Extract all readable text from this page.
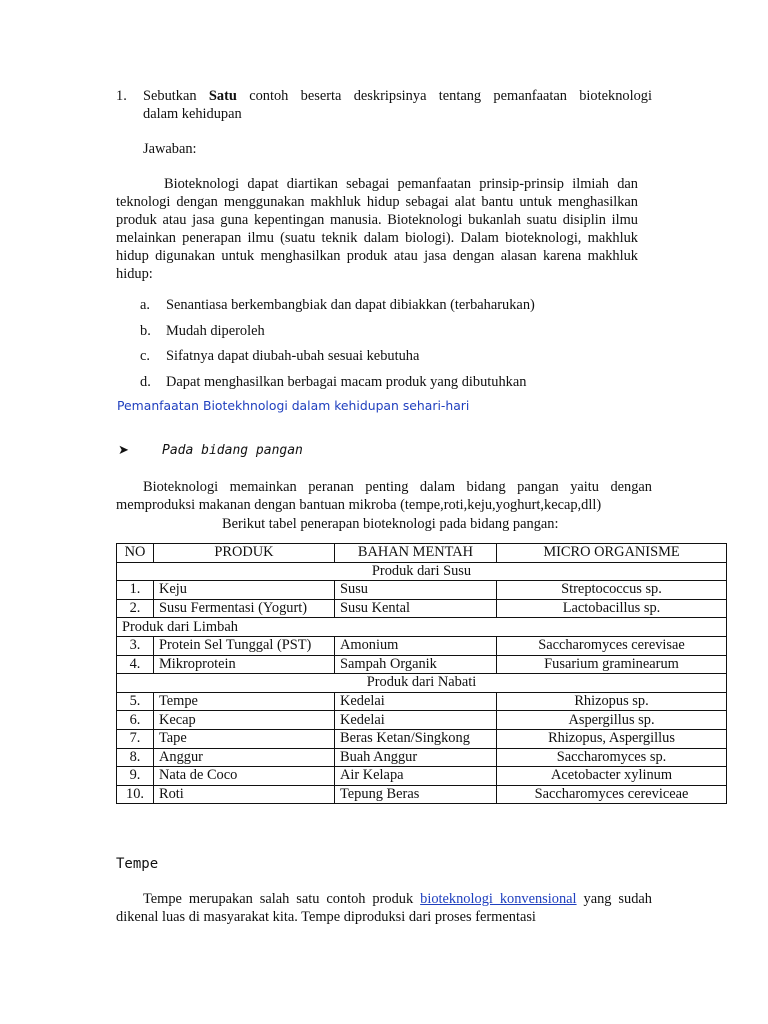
1. Sebutkan Satu contoh beserta deskripsinya tentang pemanfaatan bioteknologi
dalam kehidupan
Jawaban:
Bioteknologi dapat diartikan sebagai pemanfaatan prinsip-prinsip ilmiah dan teknologi dengan menggunakan makhluk hidup sebagai alat bantu untuk menghasilkan produk atau jasa guna kepentingan manusia. Bioteknologi bukanlah suatu disiplin ilmu melainkan penerapan ilmu (suatu teknik dalam biologi). Dalam bioteknologi, makhluk hidup digunakan untuk menghasilkan produk atau jasa dengan alasan karena makhluk hidup:
a. Senantiasa berkembangbiak dan dapat dibiakkan (terbaharukan)
b. Mudah diperoleh
c. Sifatnya dapat diubah-ubah sesuai kebutuha
d. Dapat menghasilkan berbagai macam produk yang dibutuhkan
Pemanfaatan Biotekhnologi dalam kehidupan sehari-hari
➤	Pada bidang pangan
Bioteknologi memainkan peranan penting dalam bidang pangan yaitu dengan memproduksi makanan dengan bantuan mikroba (tempe,roti,keju,yoghurt,kecap,dll)
Berikut tabel penerapan bioteknologi pada bidang pangan:
NO	PRODUK	BAHAN MENTAH	MICRO ORGANISME
Produk dari Susu			
1.	Keju	Susu	Streptococcus sp.
2.	Susu Fermentasi (Yogurt)	Susu Kental	Lactobacillus sp.
Produk dari Limbah			
3.	Protein Sel Tunggal (PST)	Amonium	Saccharomyces cerevisae
4.	Mikroprotein	Sampah Organik	Fusarium graminearum
Produk dari Nabati			
5.	Tempe	Kedelai	Rhizopus sp.
6.	Kecap	Kedelai	Aspergillus sp.
7.	Tape	Beras Ketan/Singkong	Rhizopus, Aspergillus
8.	Anggur	Buah Anggur	Saccharomyces sp.
9.	Nata de Coco	Air Kelapa	Acetobacter xylinum
10.	Roti	Tepung Beras	Saccharomyces cereviceae
Tempe
Tempe merupakan salah satu contoh produk bioteknologi konvensional yang sudah dikenal luas di masyarakat kita. Tempe diproduksi dari proses fermentasi
